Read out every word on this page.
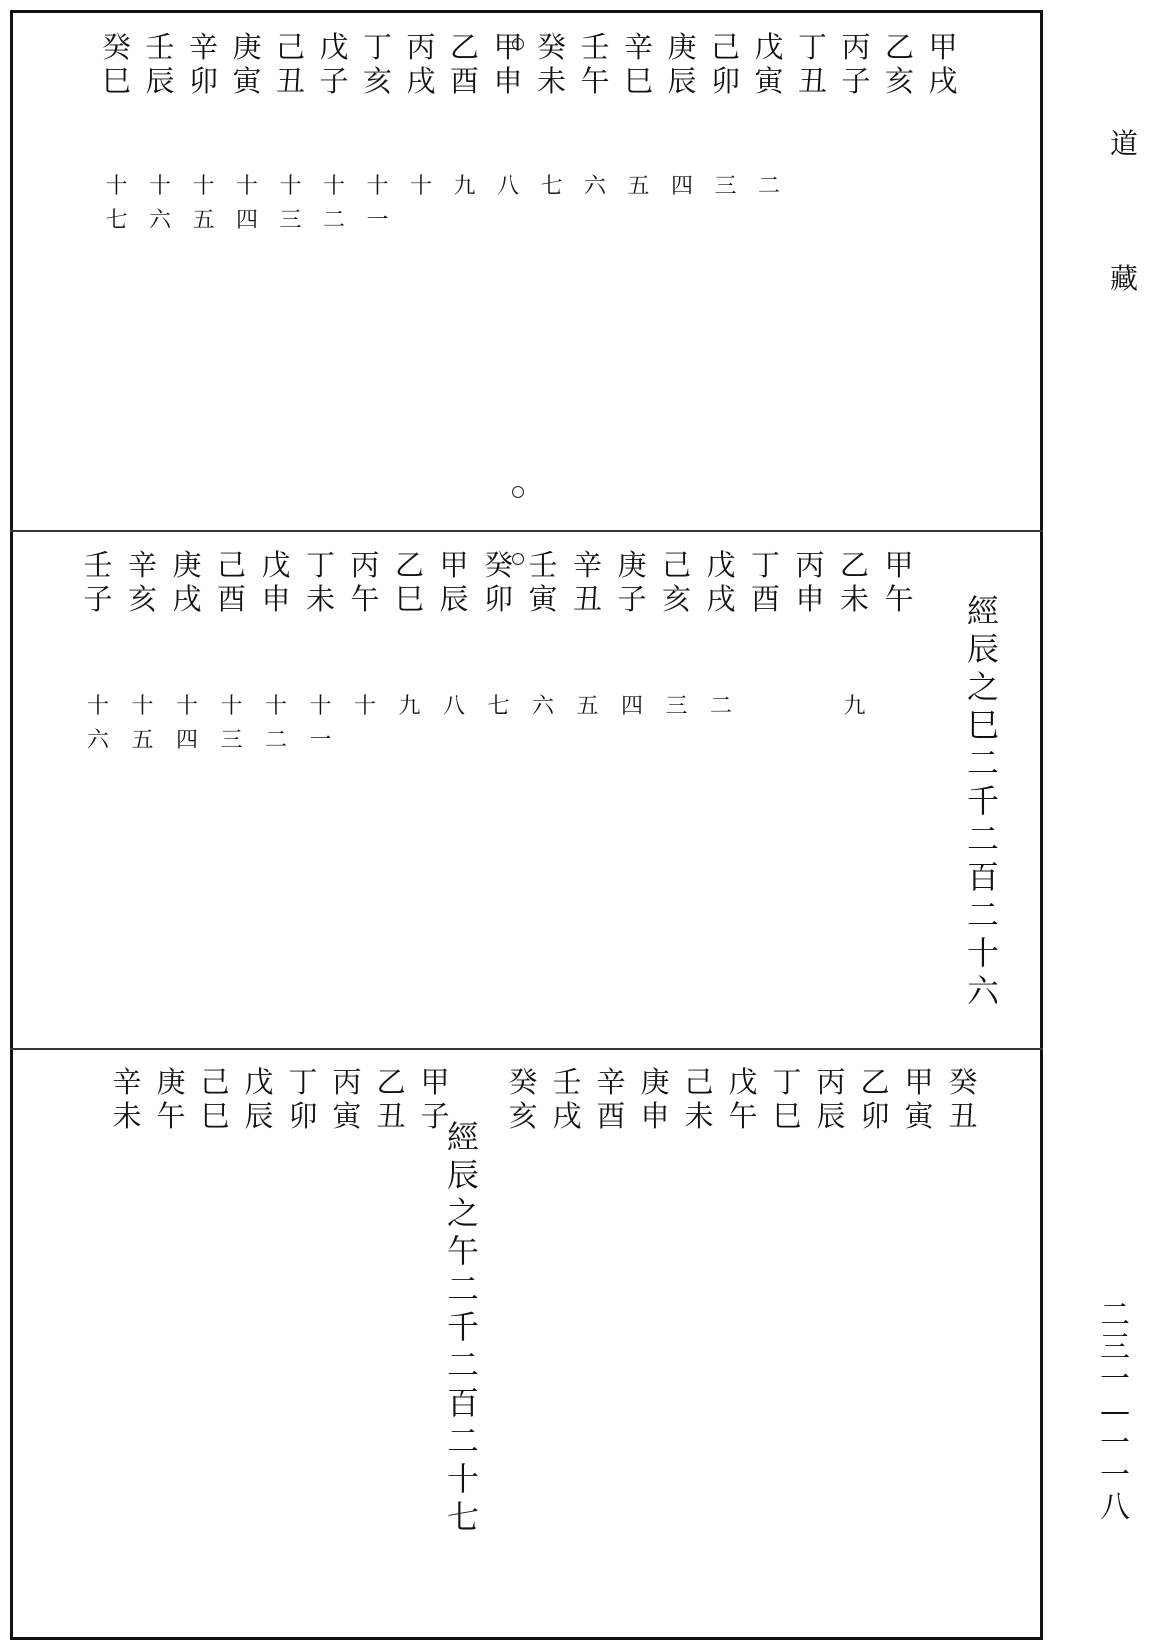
道
藏
二
三
一
—
一
一
八
甲
戌
乙
亥
丙
子
丁
丑
二
戊
寅
三
己
卯
四
庚
辰
五
辛
巳
六
壬
午
七
癸
未
八
甲
申
九
乙
酉
十
丙
戌
十
一
丁
亥
十
二
戊
子
十
三
己
丑
十
四
庚
寅
十
五
辛
卯
十
六
壬
辰
十
七
癸
巳
甲
午
九
乙
未
丙
申
丁
酉
二
戊
戌
三
己
亥
四
庚
子
五
辛
丑
六
壬
寅
七
癸
卯
八
甲
辰
九
乙
巳
十
丙
午
十
一
丁
未
十
二
戊
申
十
三
己
酉
十
四
庚
戌
十
五
辛
亥
十
六
壬
子	經
辰
之
巳
二
千
二
百
二
十
六
癸
丑
甲
寅
乙
卯
丙
辰
丁
巳
戊
午
己
未
庚
申
辛
酉
壬
戌
癸
亥
甲
子
乙
丑
丙
寅
丁
卯
戊
辰
己
巳
庚
午
辛
未
經
辰
之
午
二
千
二
百
二
十
七
